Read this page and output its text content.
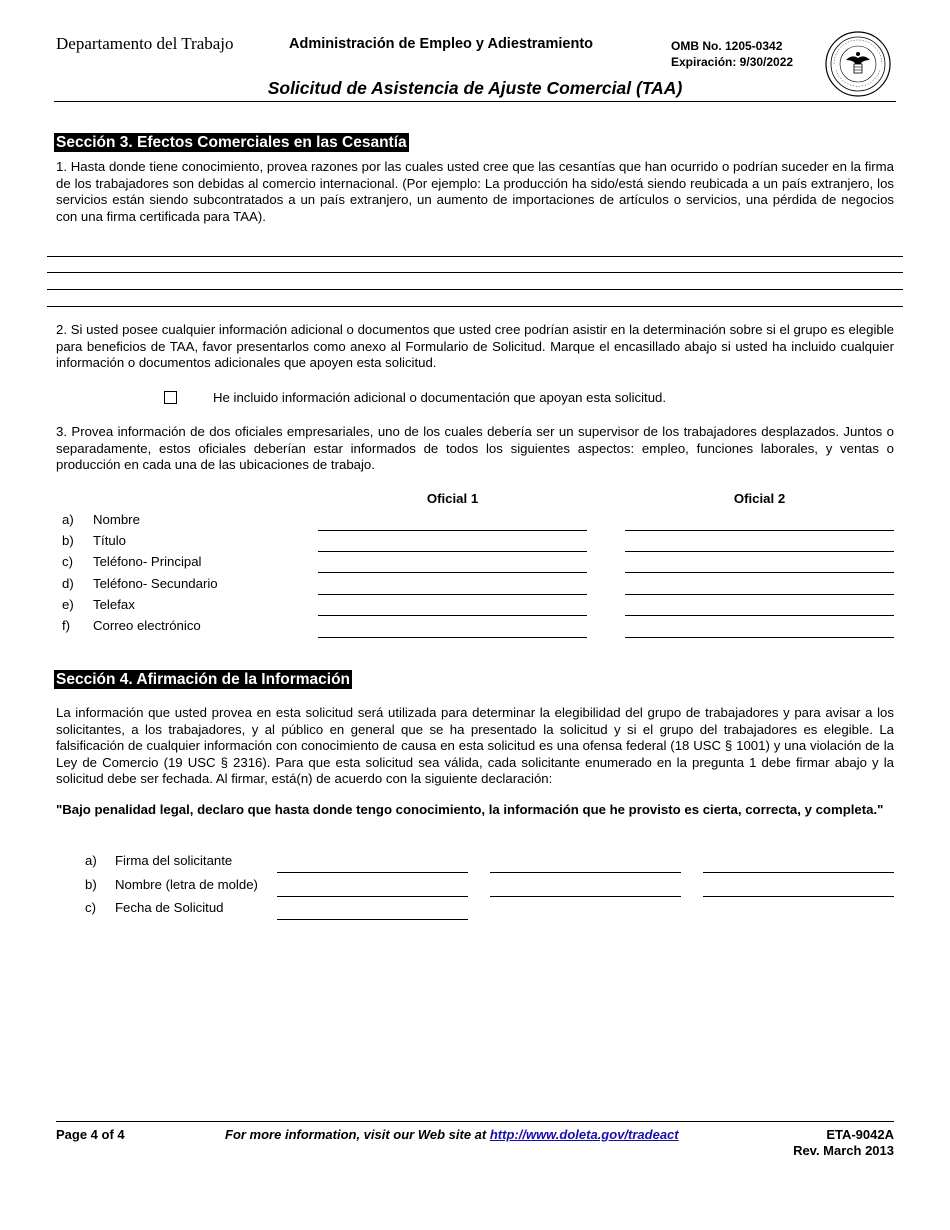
Departamento del Trabajo	Administración de Empleo y Adiestramiento	OMB No. 1205-0342
Expiración: 9/30/2022
Solicitud de Asistencia de Ajuste Comercial (TAA)
Sección 3. Efectos Comerciales en las Cesantía
1. Hasta donde tiene conocimiento, provea razones por las cuales usted cree que las cesantías que han ocurrido o podrían suceder en la firma de los trabajadores son debidas al comercio internacional. (Por ejemplo: La producción ha sido/está siendo reubicada a un país extranjero, los servicios están siendo subcontratados a un país extranjero, un aumento de importaciones de artículos o servicios, una pérdida de negocios con una firma certificada para TAA).
2. Si usted posee cualquier información adicional o documentos que usted cree podrían asistir en la determinación sobre si el grupo es elegible para beneficios de TAA, favor presentarlos como anexo al Formulario de Solicitud. Marque el encasillado abajo si usted ha incluido cualquier información o documentos adicionales que apoyen esta solicitud.
He incluido información adicional o documentación que apoyan esta solicitud.
3. Provea información de dos oficiales empresariales, uno de los cuales debería ser un supervisor de los trabajadores desplazados. Juntos o separadamente, estos oficiales deberían estar informados de todos los siguientes aspectos: empleo, funciones laborales, y ventas o producción en cada una de las ubicaciones de trabajo.
Oficial 1	Oficial 2
a) Nombre
b) Título
c) Teléfono- Principal
d) Teléfono- Secundario
e) Telefax
f) Correo electrónico
Sección 4. Afirmación de la Información
La información que usted provea en esta solicitud será utilizada para determinar la elegibilidad del grupo de trabajadores y para avisar a los solicitantes, a los trabajadores, y al público en general que se ha presentado la solicitud y si el grupo del trabajadores es elegible. La falsificación de cualquier información con conocimiento de causa en esta solicitud es una ofensa federal (18 USC § 1001) y una violación de la Ley de Comercio (19 USC § 2316). Para que esta solicitud sea válida, cada solicitante enumerado en la pregunta 1 debe firmar abajo y la solicitud debe ser fechada. Al firmar, está(n) de acuerdo con la siguiente declaración:
"Bajo penalidad legal, declaro que hasta donde tengo conocimiento, la información que he provisto es cierta, correcta, y completa."
a) Firma del solicitante
b) Nombre (letra de molde)
c) Fecha de Solicitud
Page 4 of 4	For more information, visit our Web site at http://www.doleta.gov/tradeact	ETA-9042A
Rev. March 2013
